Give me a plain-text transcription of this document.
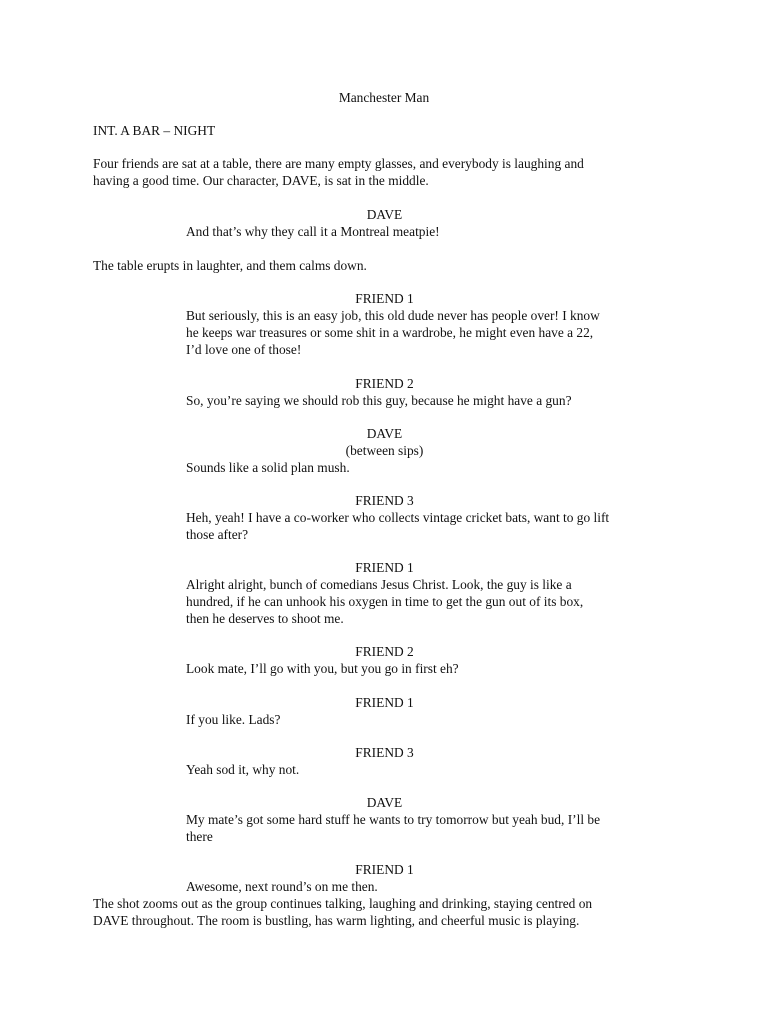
Manchester Man
INT. A BAR – NIGHT
Four friends are sat at a table, there are many empty glasses, and everybody is laughing and
having a good time. Our character, DAVE, is sat in the middle.
DAVE
And that’s why they call it a Montreal meatpie!
The table erupts in laughter, and them calms down.
FRIEND 1
But seriously, this is an easy job, this old dude never has people over! I know
he keeps war treasures or some shit in a wardrobe, he might even have a 22,
I’d love one of those!
FRIEND 2
So, you’re saying we should rob this guy, because he might have a gun?
DAVE
(between sips)
Sounds like a solid plan mush.
FRIEND 3
Heh, yeah! I have a co-worker who collects vintage cricket bats, want to go lift
those after?
FRIEND 1
Alright alright, bunch of comedians Jesus Christ. Look, the guy is like a
hundred, if he can unhook his oxygen in time to get the gun out of its box,
then he deserves to shoot me.
FRIEND 2
Look mate, I’ll go with you, but you go in first eh?
FRIEND 1
If you like. Lads?
FRIEND 3
Yeah sod it, why not.
DAVE
My mate’s got some hard stuff he wants to try tomorrow but yeah bud, I’ll be
there
FRIEND 1
Awesome, next round’s on me then.
The shot zooms out as the group continues talking, laughing and drinking, staying centred on
DAVE throughout. The room is bustling, has warm lighting, and cheerful music is playing.
